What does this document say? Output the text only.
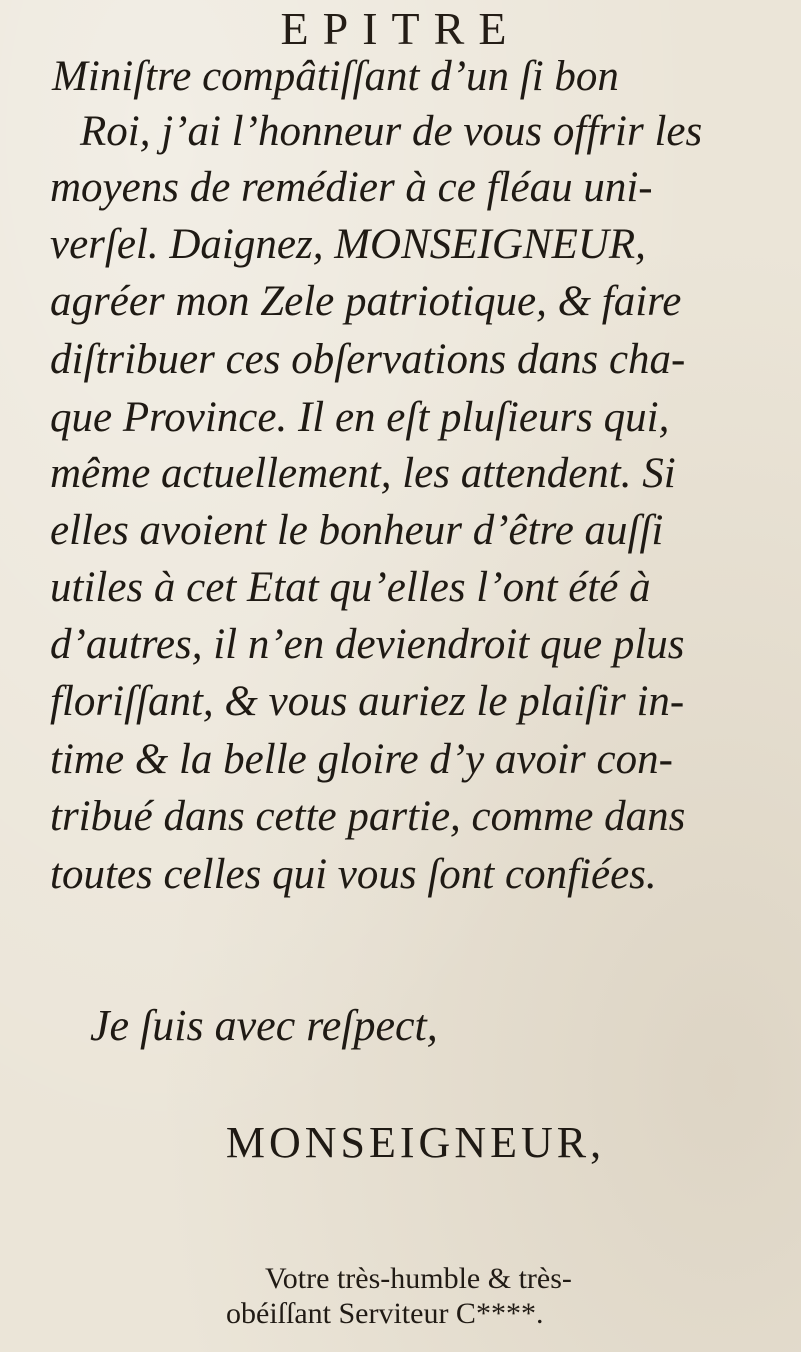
EPITRE
Miniſtre compâtiſſant d’un ſi bon
Roi, j’ai l’honneur de vous offrir les
moyens de remédier à ce fléau uni-
verſel. Daignez, MONSEIGNEUR,
agréer mon Zele patriotique, & faire
diſtribuer ces obſervations dans cha-
que Province. Il en eſt pluſieurs qui,
même actuellement, les attendent. Si
elles avoient le bonheur d’être auſſi
utiles à cet Etat qu’elles l’ont été à
d’autres, il n’en deviendroit que plus
floriſſant, & vous auriez le plaiſir in-
time & la belle gloire d’y avoir con-
tribué dans cette partie, comme dans
toutes celles qui vous ſont confiées.
Je ſuis avec reſpect,
MONSEIGNEUR,
Votre très-humble & très-
obéiſſant Serviteur C****.
